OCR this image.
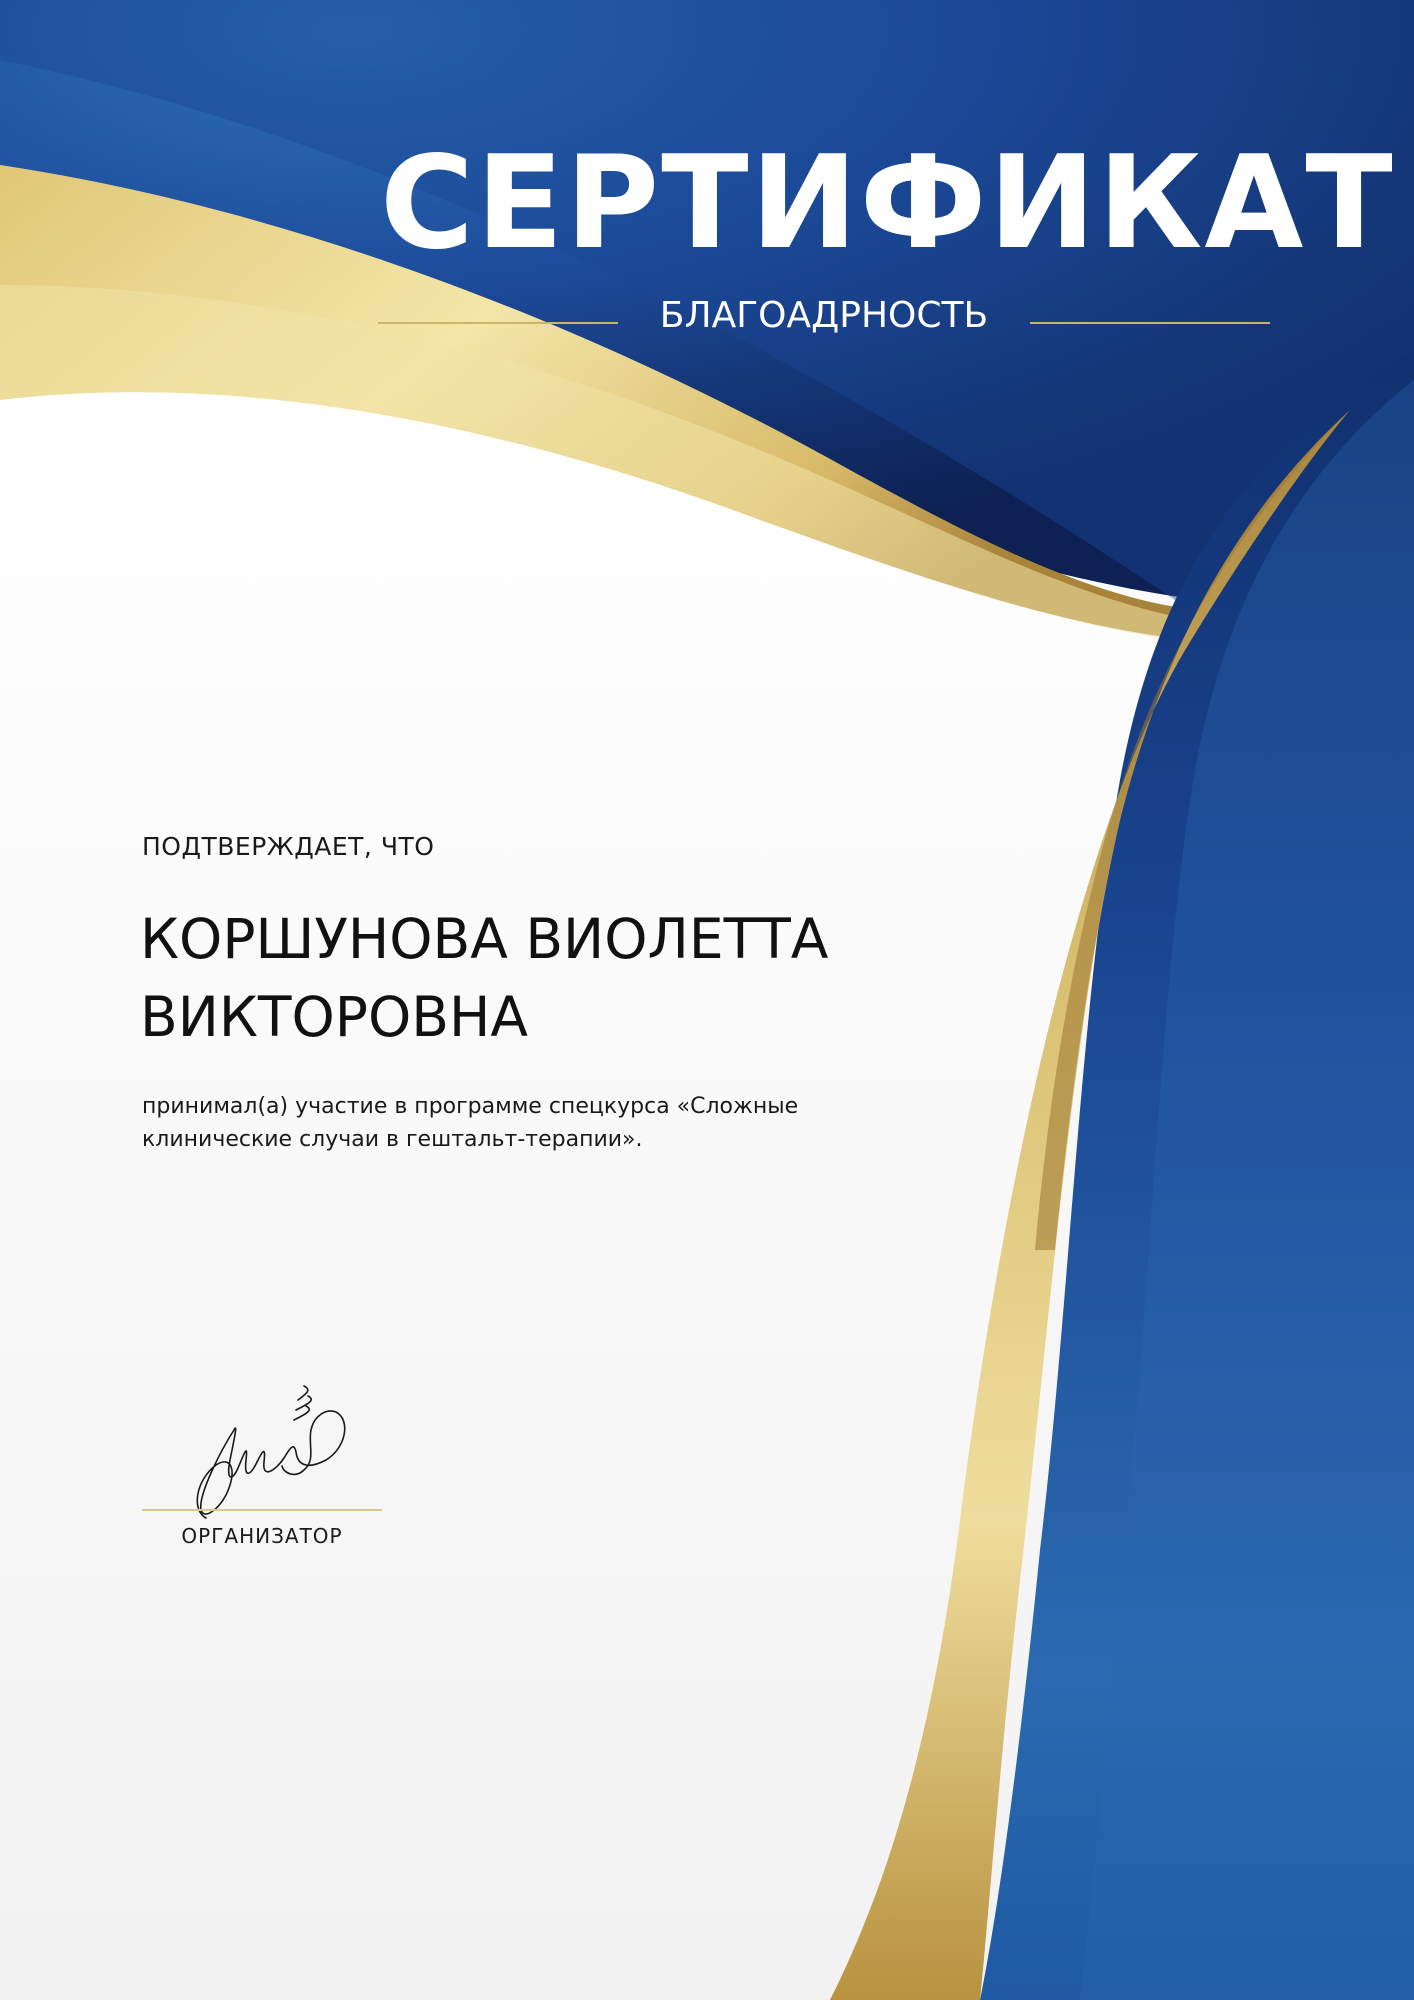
СЕРТИФИКАТ
БЛАГОАДРНОСТЬ
ПОДТВЕРЖДАЕТ, ЧТО
КОРШУНОВА ВИОЛЕТТА
ВИКТОРОВНА
принимал(а) участие в программе спецкурса «Сложные клинические случаи в гештальт-терапии».
ОРГАНИЗАТОР
